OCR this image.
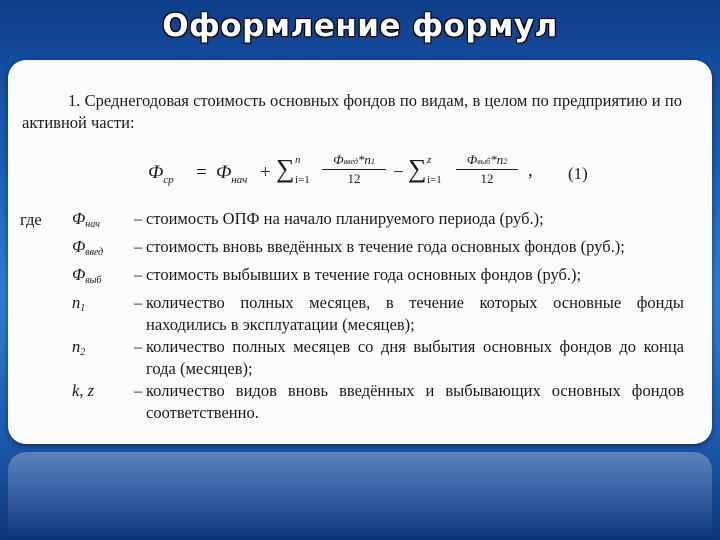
Оформление формул
1. Среднегодовая стоимость основных фондов по видам, в целом по предприятию и по активной части:
$Ф_{ср} = Ф_{нач}$ + ∑ n
i=1
Фввед*n1
12	− ∑ z
i=1
Фвыб*n2
12	, (1)
где Фнач	– стоимость ОПФ на начало планируемого периода (руб.);
Фввед	– стоимость вновь введённых в течение года основных фондов (руб.);
Фвыб	– стоимость выбывших в течение года основных фондов (руб.);
n1	– количество полных месяцев, в течение которых основные фонды находились в эксплуатации (месяцев);
n2	– количество полных месяцев со дня выбытия основных фондов до конца года (месяцев);
k, z	– количество видов вновь введённых и выбывающих основных фондов соответственно.
